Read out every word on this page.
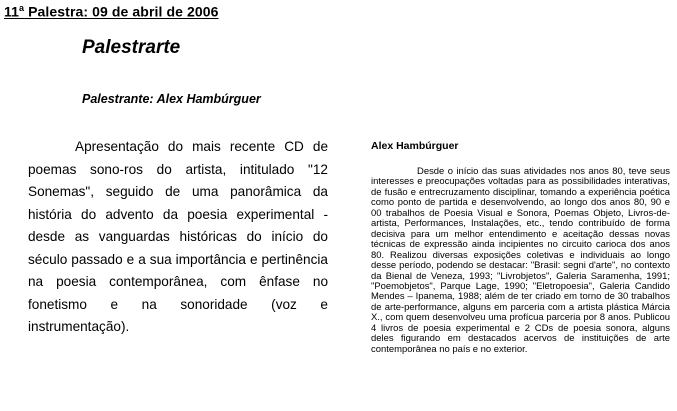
11$^a$ Palestra: 09 de abril de 2006
Palestrarte
Palestrante: Alex Hambúrguer

Apresentação do mais recente CD de poemas sono-ros do artista, intitulado "12 Sonemas", seguido de uma panorâmica da história do advento da poesia experimental - desde as vanguardas históricas do início do século passado e a sua importância e pertinência na poesia contemporânea, com ênfase no fonetismo e na sonoridade (voz e instrumentação).

Alex Hambúrguer

Desde o início das suas atividades nos anos 80, teve seus interesses e preocupações voltadas para as possibilidades interativas, de fusão e entrecruzamento disciplinar, tomando a experiência poética como ponto de partida e desenvolvendo, ao longo dos anos 80, 90 e 00 trabalhos de Poesia Visual e Sonora, Poemas Objeto, Livros-de-artista, Performances, Instalações, etc., tendo contribuído de forma decisiva para um melhor entendimento e aceitação dessas novas técnicas de expressão ainda incipientes no circuito carioca dos anos 80. Realizou diversas exposições coletivas e individuais ao longo desse período, podendo se destacar: "Brasil: segni d'arte", no contexto da Bienal de Veneza, 1993; "Livrobjetos", Galeria Saramenha, 1991; "Poemobjetos", Parque Lage, 1990; "Eletropoesia", Galeria Candido Mendes – Ipanema, 1988; além de ter criado em torno de 30 trabalhos de arte-performance, alguns em parceria com a artista plástica Márcia X., com quem desenvolveu uma profícua parceria por 8 anos. Publicou 4 livros de poesia experimental e 2 CDs de poesia sonora, alguns deles figurando em destacados acervos de instituições de arte contemporânea no país e no exterior.
